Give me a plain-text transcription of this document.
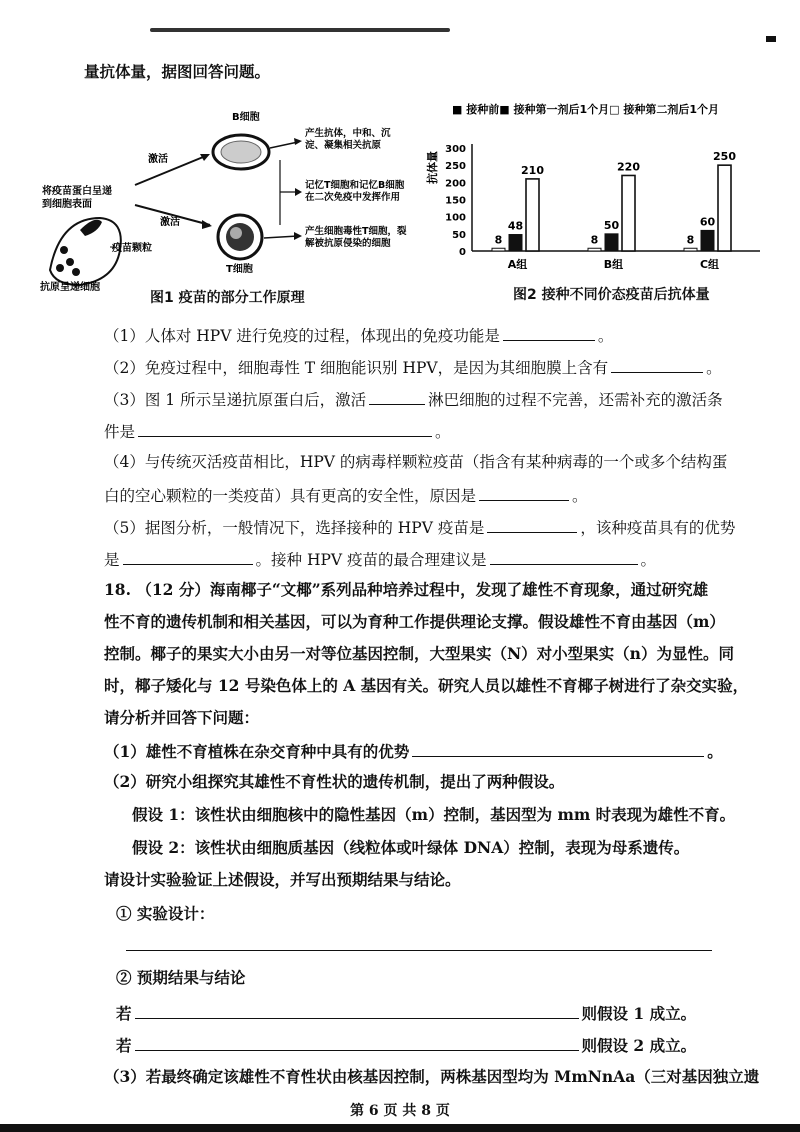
量抗体量，据图回答问题。
B细胞
T细胞
激活
激活
产生抗体，中和、沉
淀、凝集相关抗原
记忆T细胞和记忆B细胞
在二次免疫中发挥作用
产生细胞毒性T细胞，裂
解被抗原侵染的细胞
将疫苗蛋白呈递
到细胞表面
疫苗颗粒
抗原呈递细胞
图1 疫苗的部分工作原理
■ 接种前■ 接种第一剂后1个月□ 接种第二剂后1个月
抗体量
0
50
100
150
200
250
300
A组	B组	C组
8
48
210
8
50
220
8
60
250
图2 接种不同价态疫苗后抗体量
（1）人体对 HPV 进行免疫的过程，体现出的免疫功能是	。
（2）免疫过程中，细胞毒性 T 细胞能识别 HPV，是因为其细胞膜上含有	。
（3）图 1 所示呈递抗原蛋白后，激活	淋巴细胞的过程不完善，还需补充的激活条
件是	。
（4）与传统灭活疫苗相比，HPV 的病毒样颗粒疫苗（指含有某种病毒的一个或多个结构蛋
白的空心颗粒的一类疫苗）具有更高的安全性，原因是	。
（5）据图分析，一般情况下，选择接种的 HPV 疫苗是	，该种疫苗具有的优势
是	。接种 HPV 疫苗的最合理建议是	。
18. （12 分）海南椰子“文椰”系列品种培养过程中，发现了雄性不育现象，通过研究雄
性不育的遗传机制和相关基因，可以为育种工作提供理论支撑。假设雄性不育由基因（m）
控制。椰子的果实大小由另一对等位基因控制，大型果实（N）对小型果实（n）为显性。同
时，椰子矮化与 12 号染色体上的 A 基因有关。研究人员以雄性不育椰子树进行了杂交实验，
请分析并回答下问题：
（1）雄性不育植株在杂交育种中具有的优势	。
（2）研究小组探究其雄性不育性状的遗传机制，提出了两种假设。
假设 1：该性状由细胞核中的隐性基因（m）控制，基因型为 mm 时表现为雄性不育。
假设 2：该性状由细胞质基因（线粒体或叶绿体 DNA）控制，表现为母系遗传。
请设计实验验证上述假设，并写出预期结果与结论。
① 实验设计：
② 预期结果与结论
若	则假设 1 成立。
若	则假设 2 成立。
（3）若最终确定该雄性不育性状由核基因控制，两株基因型均为 MmNnAa（三对基因独立遗
第 6 页 共 8 页
